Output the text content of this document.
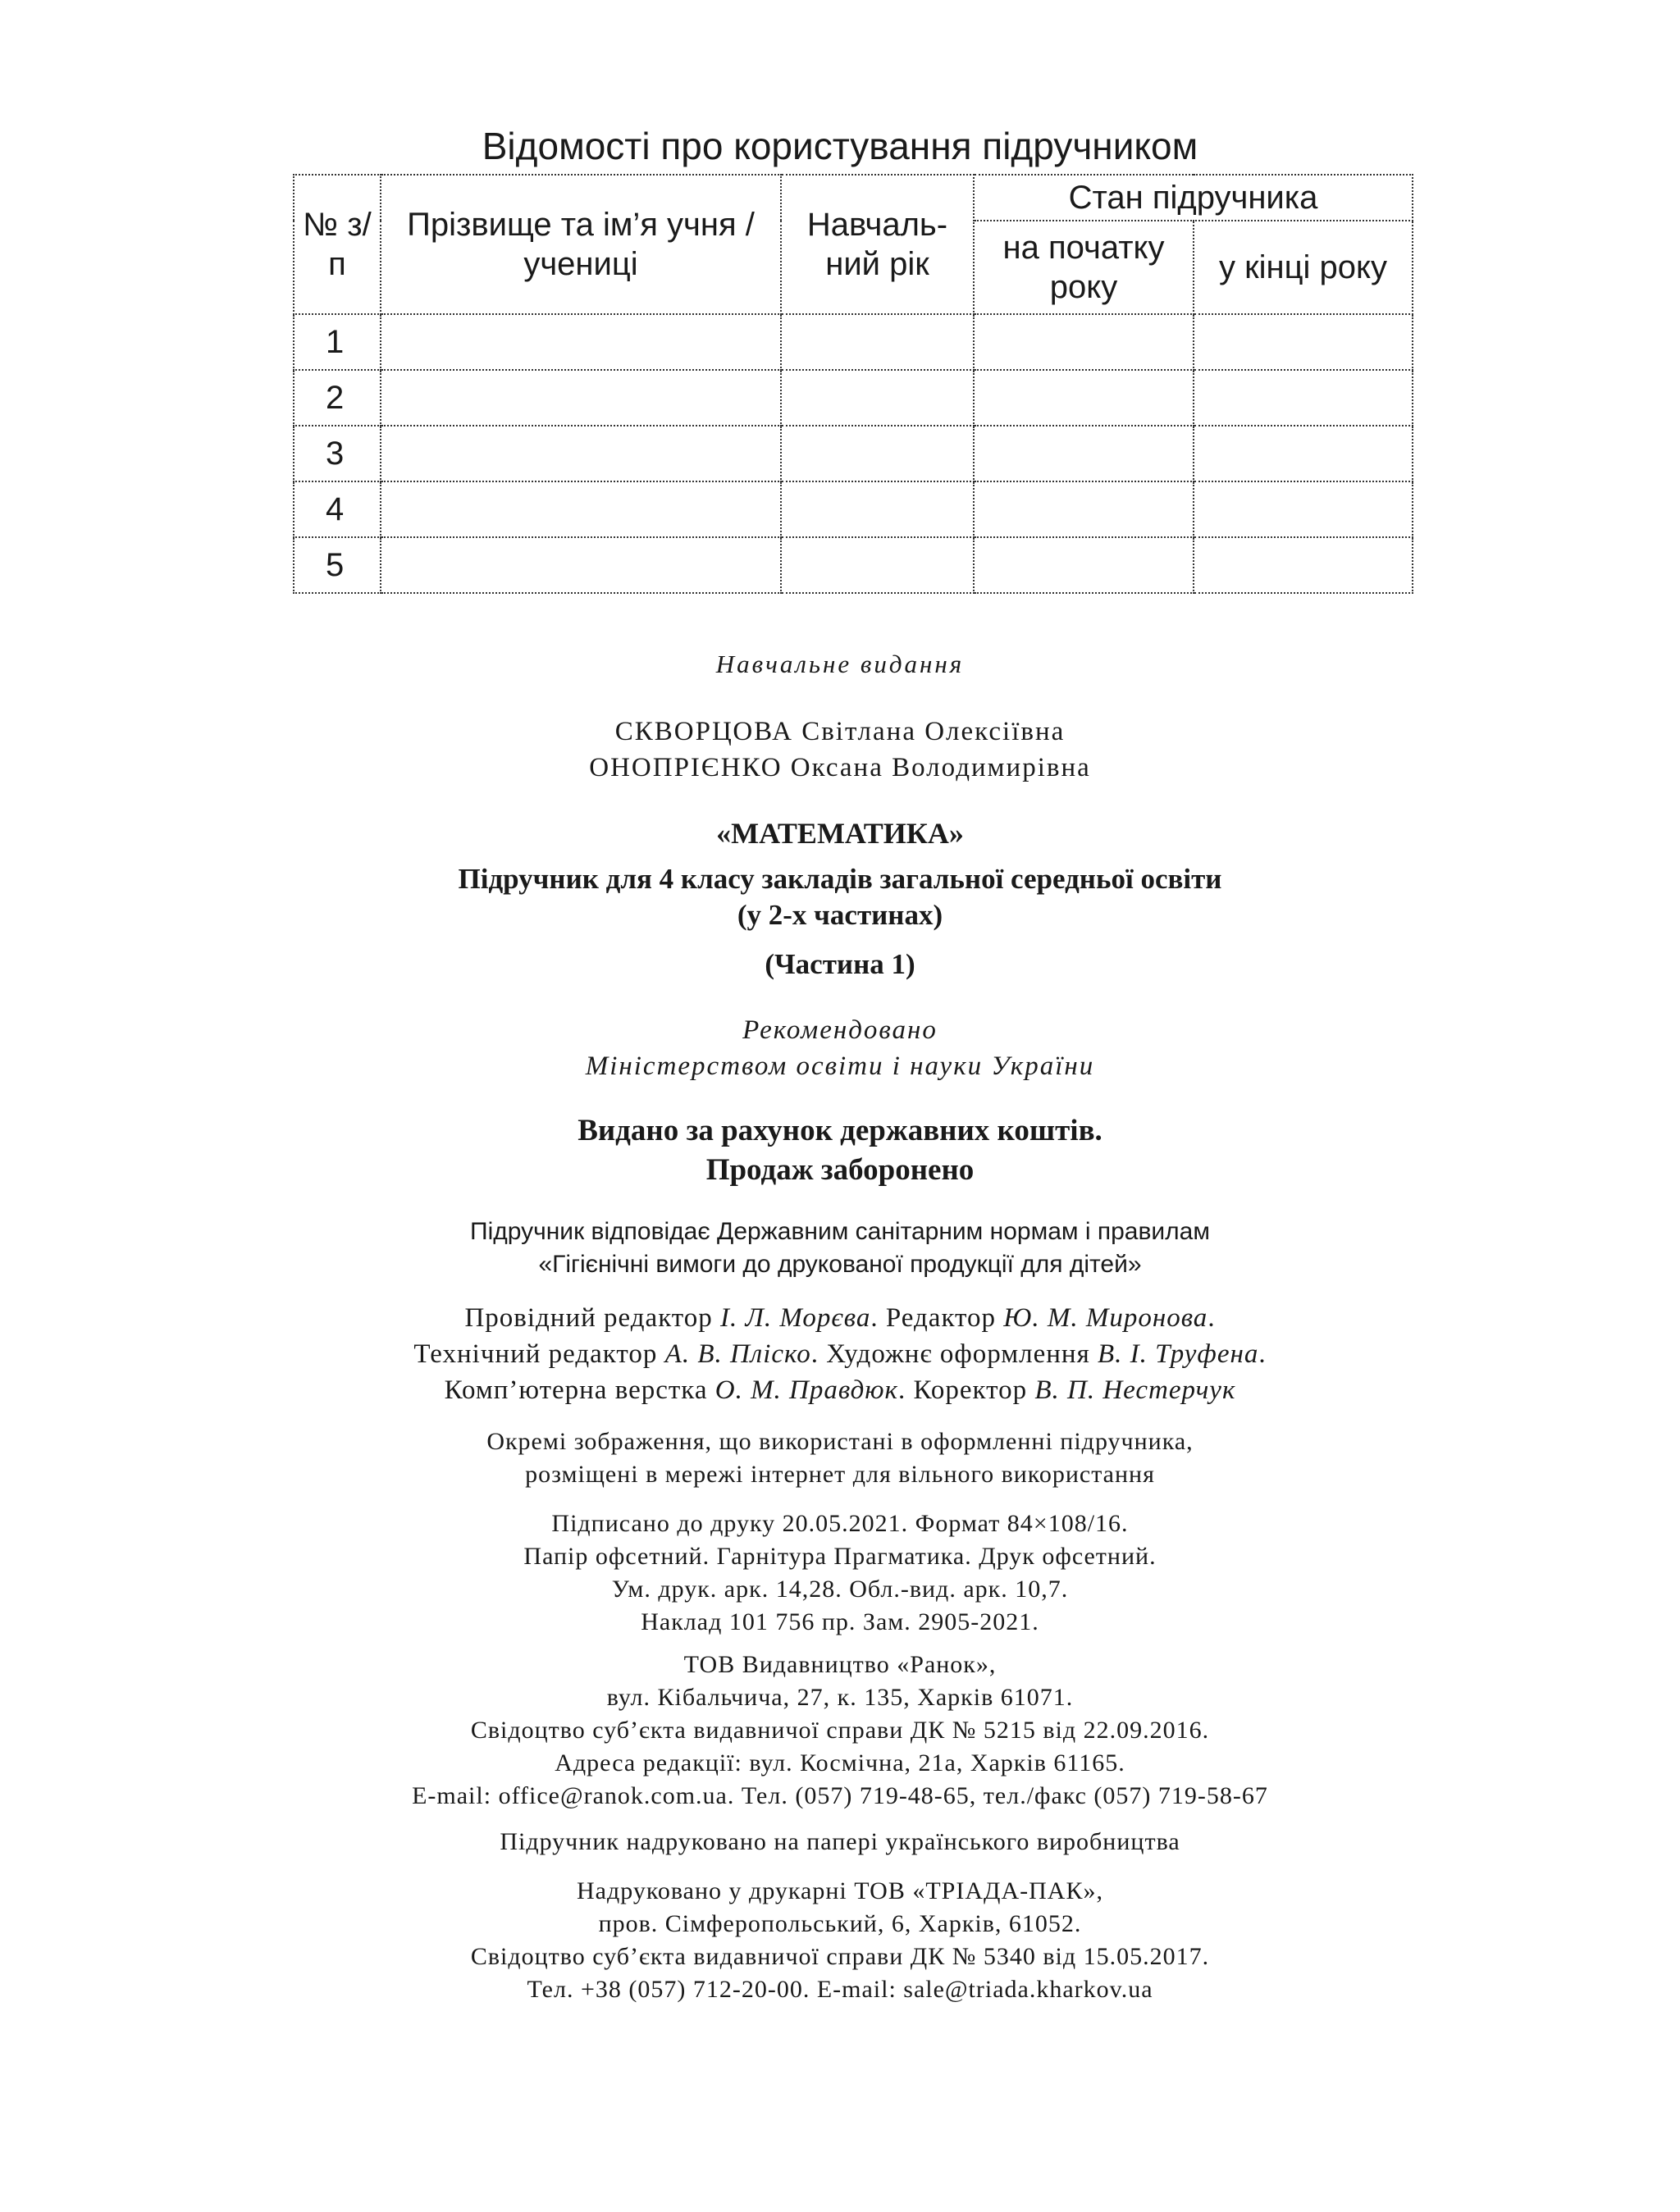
Відомості про користування підручником
№ з/п	Прізвище та ім’я учня / учениці	Навчаль-ний рік	Стан підручника	
			на початку року	у кінці року
1				
2				
3				
4				
5				
Навчальне видання
СКВОРЦОВА Світлана Олексіївна
ОНОПРІЄНКО Оксана Володимирівна
«МАТЕМАТИКА»
Підручник для 4 класу закладів загальної середньої освіти
(у 2-х частинах)
(Частина 1)
Рекомендовано
Міністерством освіти і науки України
Видано за рахунок державних коштів.
Продаж заборонено
Підручник відповідає Державним санітарним нормам і правилам
«Гігієнічні вимоги до друкованої продукції для дітей»
Провідний редактор І. Л. Морєва. Редактор Ю. М. Миронова.
Технічний редактор А. В. Пліско. Художнє оформлення В. І. Труфена.
Комп’ютерна верстка О. М. Правдюк. Коректор В. П. Нестерчук
Окремі зображення, що використані в оформленні підручника,
розміщені в мережі інтернет для вільного використання
Підписано до друку 20.05.2021. Формат 84×108/16.
Папір офсетний. Гарнітура Прагматика. Друк офсетний.
Ум. друк. арк. 14,28. Обл.-вид. арк. 10,7.
Наклад 101 756 пр. Зам. 2905-2021.
ТОВ Видавництво «Ранок»,
вул. Кібальчича, 27, к. 135, Харків 61071.
Свідоцтво суб’єкта видавничої справи ДК № 5215 від 22.09.2016.
Адреса редакції: вул. Космічна, 21а, Харків 61165.
E-mail: office@ranok.com.ua. Тел. (057) 719-48-65, тел./факс (057) 719-58-67
Підручник надруковано на папері українського виробництва
Надруковано у друкарні ТОВ «ТРІАДА-ПАК»,
пров. Сімферопольський, 6, Харків, 61052.
Свідоцтво суб’єкта видавничої справи ДК № 5340 від 15.05.2017.
Тел. +38 (057) 712-20-00. E-mail: sale@triada.kharkov.ua
